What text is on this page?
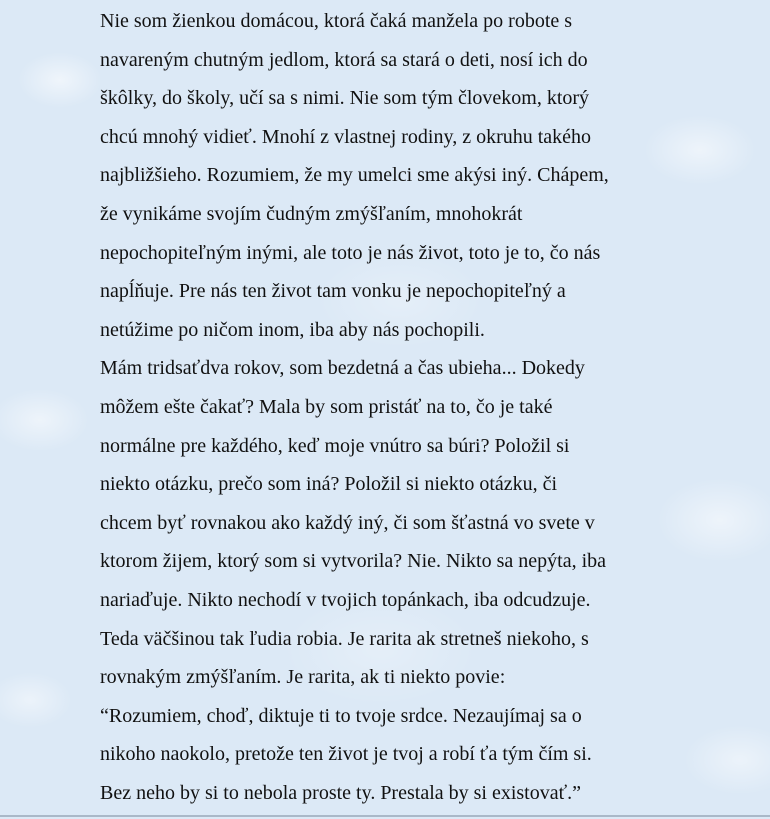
Nie som žienkou domácou, ktorá čaká manžela po robote s
navareným chutným jedlom, ktorá sa stará o deti, nosí ich do
škôlky, do školy, učí sa s nimi. Nie som tým človekom, ktorý
chcú mnohý vidieť. Mnohí z vlastnej rodiny, z okruhu takého
najbližšieho. Rozumiem, že my umelci sme akýsi iný. Chápem,
že vynikáme svojím čudným zmýšľaním, mnohokrát
nepochopiteľným inými, ale toto je nás život, toto je to, čo nás
napĺňuje. Pre nás ten život tam vonku je nepochopiteľný a
netúžime po ničom inom, iba aby nás pochopili.
Mám tridsaťdva rokov, som bezdetná a čas ubieha... Dokedy
môžem ešte čakať? Mala by som pristáť na to, čo je také
normálne pre každého, keď moje vnútro sa búri? Položil si
niekto otázku, prečo som iná? Položil si niekto otázku, či
chcem byť rovnakou ako každý iný, či som šťastná vo svete v
ktorom žijem, ktorý som si vytvorila? Nie. Nikto sa nepýta, iba
nariaďuje. Nikto nechodí v tvojich topánkach, iba odcudzuje.
Teda väčšinou tak ľudia robia. Je rarita ak stretneš niekoho, s
rovnakým zmýšľaním. Je rarita, ak ti niekto povie:
“Rozumiem, choď, diktuje ti to tvoje srdce. Nezaujímaj sa o
nikoho naokolo, pretože ten život je tvoj a robí ťa tým čím si.
Bez neho by si to nebola proste ty. Prestala by si existovať.”
